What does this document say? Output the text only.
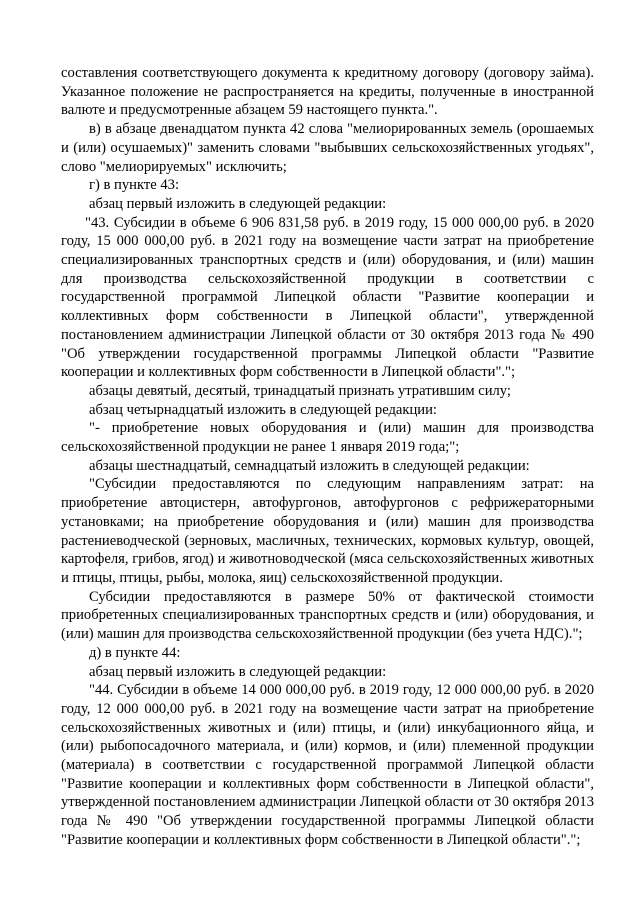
составления соответствующего документа к кредитному договору (договору займа). Указанное положение не распространяется на кредиты, полученные в иностранной валюте и предусмотренные абзацем 59 настоящего пункта.".

в) в абзаце двенадцатом пункта 42 слова "мелиорированных земель (орошаемых и (или) осушаемых)" заменить словами "выбывших сельскохозяйственных угодьях", слово "мелиорируемых" исключить;

г) в пункте 43:

абзац первый изложить в следующей редакции:

"43. Субсидии в объеме 6 906 831,58 руб. в 2019 году, 15 000 000,00 руб. в 2020 году, 15 000 000,00 руб. в 2021 году на возмещение части затрат на приобретение специализированных транспортных средств и (или) оборудования, и (или) машин для производства сельскохозяйственной продукции в соответствии с государственной программой Липецкой области "Развитие кооперации и коллективных форм собственности в Липецкой области", утвержденной постановлением администрации Липецкой области от 30 октября 2013 года № 490 "Об утверждении государственной программы Липецкой области "Развитие кооперации и коллективных форм собственности в Липецкой области".";

абзацы девятый, десятый, тринадцатый признать утратившим силу;

абзац четырнадцатый изложить в следующей редакции:

"- приобретение новых оборудования и (или) машин для производства сельскохозяйственной продукции не ранее 1 января 2019 года;";

абзацы шестнадцатый, семнадцатый изложить в следующей редакции:

"Субсидии предоставляются по следующим направлениям затрат: на приобретение автоцистерн, автофургонов, автофургонов с рефрижераторными установками; на приобретение оборудования и (или) машин для производства растениеводческой (зерновых, масличных, технических, кормовых культур, овощей, картофеля, грибов, ягод) и животноводческой (мяса сельскохозяйственных животных и птицы, птицы, рыбы, молока, яиц) сельскохозяйственной продукции.

Субсидии предоставляются в размере 50% от фактической стоимости приобретенных специализированных транспортных средств и (или) оборудования, и (или) машин для производства сельскохозяйственной продукции (без учета НДС).";

д) в пункте 44:

абзац первый изложить в следующей редакции:

"44. Субсидии в объеме 14 000 000,00 руб. в 2019 году, 12 000 000,00 руб. в 2020 году, 12 000 000,00 руб. в 2021 году на возмещение части затрат на приобретение сельскохозяйственных животных и (или) птицы, и (или) инкубационного яйца, и (или) рыбопосадочного материала, и (или) кормов, и (или) племенной продукции (материала) в соответствии с государственной программой Липецкой области "Развитие кооперации и коллективных форм собственности в Липецкой области", утвержденной постановлением администрации Липецкой области от 30 октября 2013 года № 490 "Об утверждении государственной программы Липецкой области "Развитие кооперации и коллективных форм собственности в Липецкой области".";
